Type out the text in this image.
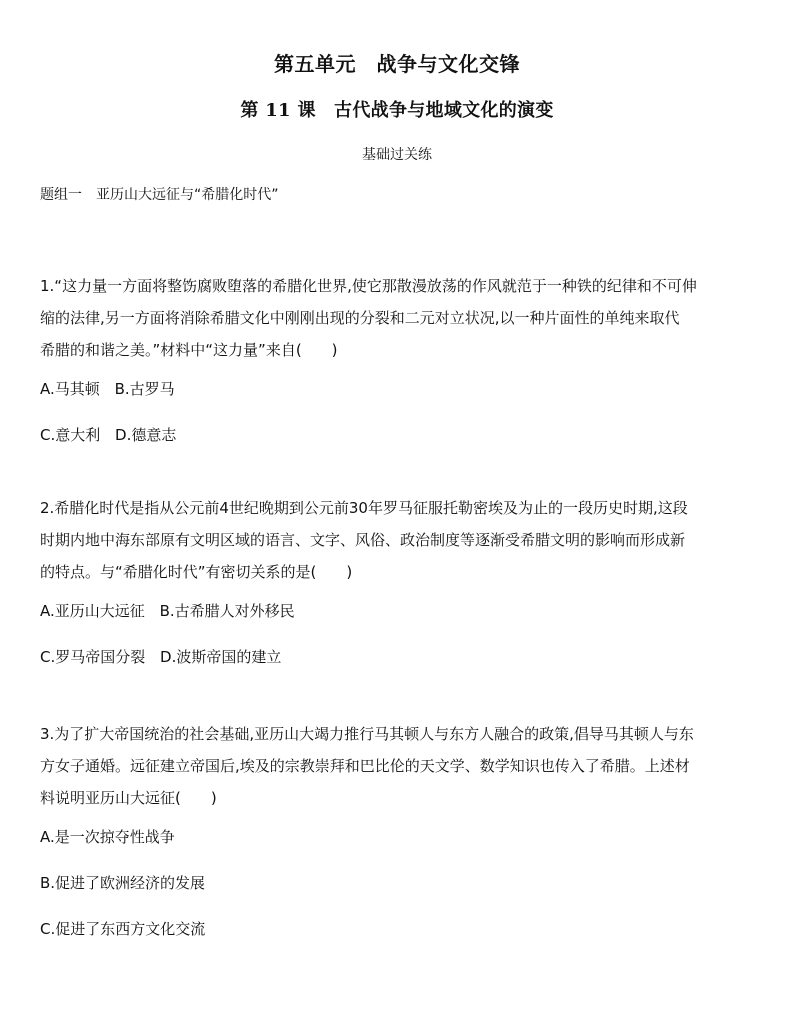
第五单元　战争与文化交锋
第 11 课　古代战争与地域文化的演变
基础过关练
题组一　亚历山大远征与“希腊化时代”
1.“这力量一方面将整饬腐败堕落的希腊化世界,使它那散漫放荡的作风就范于一种铁的纪律和不可伸
缩的法律,另一方面将消除希腊文化中刚刚出现的分裂和二元对立状况,以一种片面性的单纯来取代
希腊的和谐之美。”材料中“这力量”来自(　　)
A.马其顿 B.古罗马
C.意大利 D.德意志
2.希腊化时代是指从公元前4世纪晚期到公元前30年罗马征服托勒密埃及为止的一段历史时期,这段
时期内地中海东部原有文明区域的语言、文字、风俗、政治制度等逐渐受希腊文明的影响而形成新
的特点。与“希腊化时代”有密切关系的是(　　)
A.亚历山大远征 B.古希腊人对外移民
C.罗马帝国分裂 D.波斯帝国的建立
3.为了扩大帝国统治的社会基础,亚历山大竭力推行马其顿人与东方人融合的政策,倡导马其顿人与东
方女子通婚。远征建立帝国后,埃及的宗教崇拜和巴比伦的天文学、数学知识也传入了希腊。上述材
料说明亚历山大远征(　　)
A.是一次掠夺性战争
B.促进了欧洲经济的发展
C.促进了东西方文化交流
